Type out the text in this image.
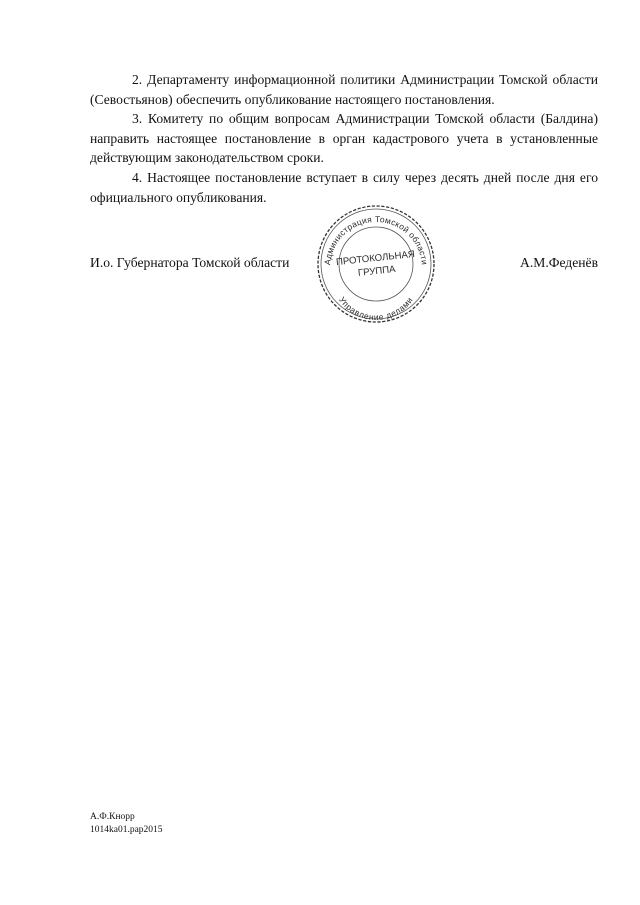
2. Департаменту информационной политики Администрации Томской области (Севостьянов) обеспечить опубликование настоящего постановления.

3. Комитету по общим вопросам Администрации Томской области (Балдина) направить настоящее постановление в орган кадастрового учета в установленные действующим законодательством сроки.

4. Настоящее постановление вступает в силу через десять дней после дня его официального опубликования.

И.о. Губернатора Томской области	А.М.Феденёв
Администрация Томской области
Управление делами
ПРОТОКОЛЬНАЯ
ГРУППА
А.Ф.Кнорр
1014ka01.pap2015
